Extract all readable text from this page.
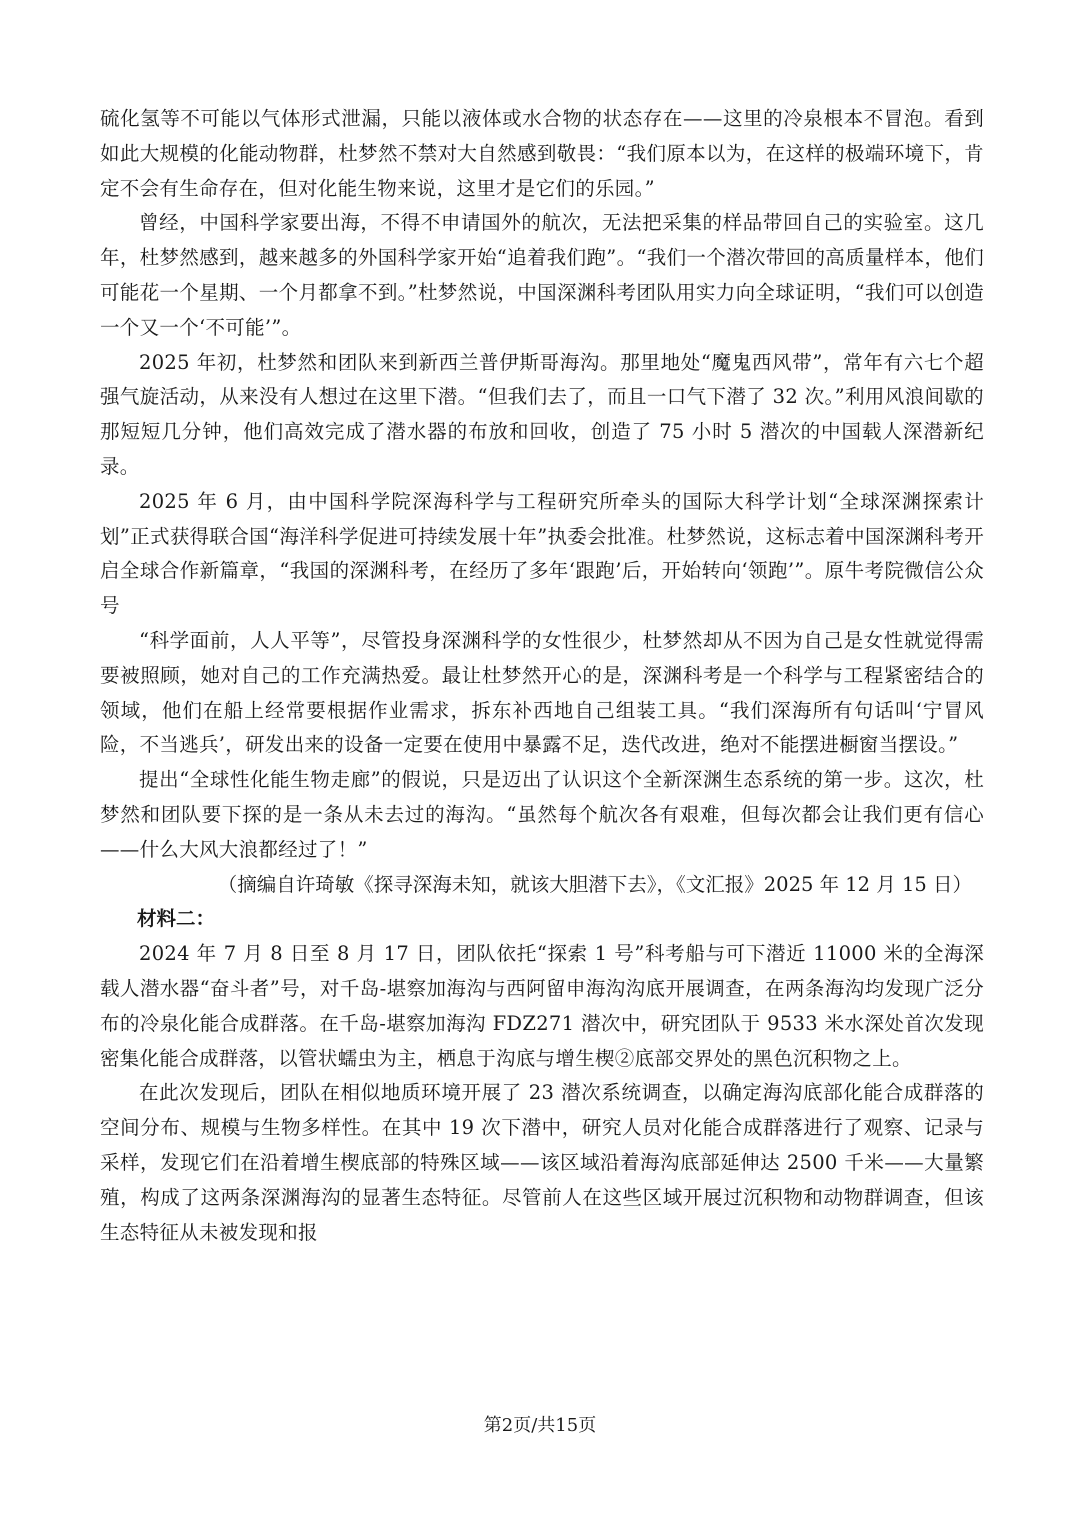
硫化氢等不可能以气体形式泄漏，只能以液体或水合物的状态存在——这里的冷泉根本不冒泡。看到如此大规模的化能动物群，杜梦然不禁对大自然感到敬畏：“我们原本以为，在这样的极端环境下，肯定不会有生命存在，但对化能生物来说，这里才是它们的乐园。”

曾经，中国科学家要出海，不得不申请国外的航次，无法把采集的样品带回自己的实验室。这几年，杜梦然感到，越来越多的外国科学家开始“追着我们跑”。“我们一个潜次带回的高质量样本，他们可能花一个星期、一个月都拿不到。”杜梦然说，中国深渊科考团队用实力向全球证明，“我们可以创造一个又一个‘不可能’”。

2025 年初，杜梦然和团队来到新西兰普伊斯哥海沟。那里地处“魔鬼西风带”，常年有六七个超强气旋活动，从来没有人想过在这里下潜。“但我们去了，而且一口气下潜了 32 次。”利用风浪间歇的那短短几分钟，他们高效完成了潜水器的布放和回收，创造了 75 小时 5 潜次的中国载人深潜新纪录。

2025 年 6 月，由中国科学院深海科学与工程研究所牵头的国际大科学计划“全球深渊探索计划”正式获得联合国“海洋科学促进可持续发展十年”执委会批准。杜梦然说，这标志着中国深渊科考开启全球合作新篇章，“我国的深渊科考，在经历了多年‘跟跑’后，开始转向‘领跑’”。原牛考院微信公众号

“科学面前，人人平等”，尽管投身深渊科学的女性很少，杜梦然却从不因为自己是女性就觉得需要被照顾，她对自己的工作充满热爱。最让杜梦然开心的是，深渊科考是一个科学与工程紧密结合的领域，他们在船上经常要根据作业需求，拆东补西地自己组装工具。“我们深海所有句话叫‘宁冒风险，不当逃兵’，研发出来的设备一定要在使用中暴露不足，迭代改进，绝对不能摆进橱窗当摆设。”

提出“全球性化能生物走廊”的假说，只是迈出了认识这个全新深渊生态系统的第一步。这次，杜梦然和团队要下探的是一条从未去过的海沟。“虽然每个航次各有艰难，但每次都会让我们更有信心——什么大风大浪都经过了！”

（摘编自许琦敏《探寻深海未知，就该大胆潜下去》，《文汇报》2025 年 12 月 15 日）

材料二：

2024 年 7 月 8 日至 8 月 17 日，团队依托“探索 1 号”科考船与可下潜近 11000 米的全海深载人潜水器“奋斗者”号，对千岛-堪察加海沟与西阿留申海沟沟底开展调查，在两条海沟均发现广泛分布的冷泉化能合成群落。在千岛-堪察加海沟 FDZ271 潜次中，研究团队于 9533 米水深处首次发现密集化能合成群落，以管状蠕虫为主，栖息于沟底与增生楔②底部交界处的黑色沉积物之上。

在此次发现后，团队在相似地质环境开展了 23 潜次系统调查，以确定海沟底部化能合成群落的空间分布、规模与生物多样性。在其中 19 次下潜中，研究人员对化能合成群落进行了观察、记录与采样，发现它们在沿着增生楔底部的特殊区域——该区域沿着海沟底部延伸达 2500 千米——大量繁殖，构成了这两条深渊海沟的显著生态特征。尽管前人在这些区域开展过沉积物和动物群调查，但该生态特征从未被发现和报

第2页/共15页
